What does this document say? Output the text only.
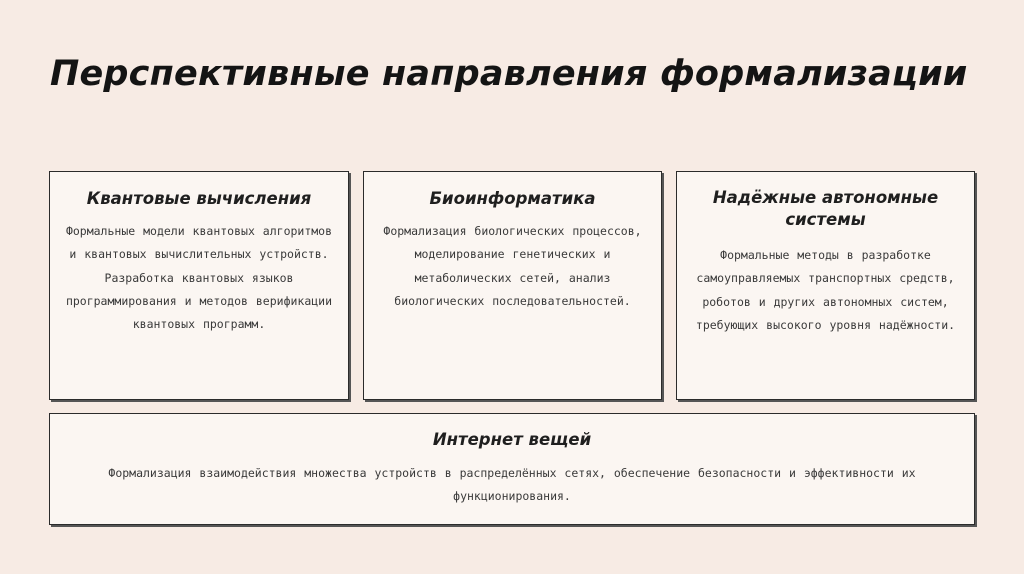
Перспективные направления формализации
Квантовые вычисления

Формальные модели квантовых алгоритмов и квантовых вычислительных устройств. Разработка квантовых языков программирования и методов верификации квантовых программ.

Биоинформатика

Формализация биологических процессов, моделирование генетических и метаболических сетей, анализ биологических последовательностей.

Надёжные автономные системы

Формальные методы в разработке самоуправляемых транспортных средств, роботов и других автономных систем, требующих высокого уровня надёжности.

Интернет вещей

Формализация взаимодействия множества устройств в распределённых сетях, обеспечение безопасности и эффективности их функционирования.
